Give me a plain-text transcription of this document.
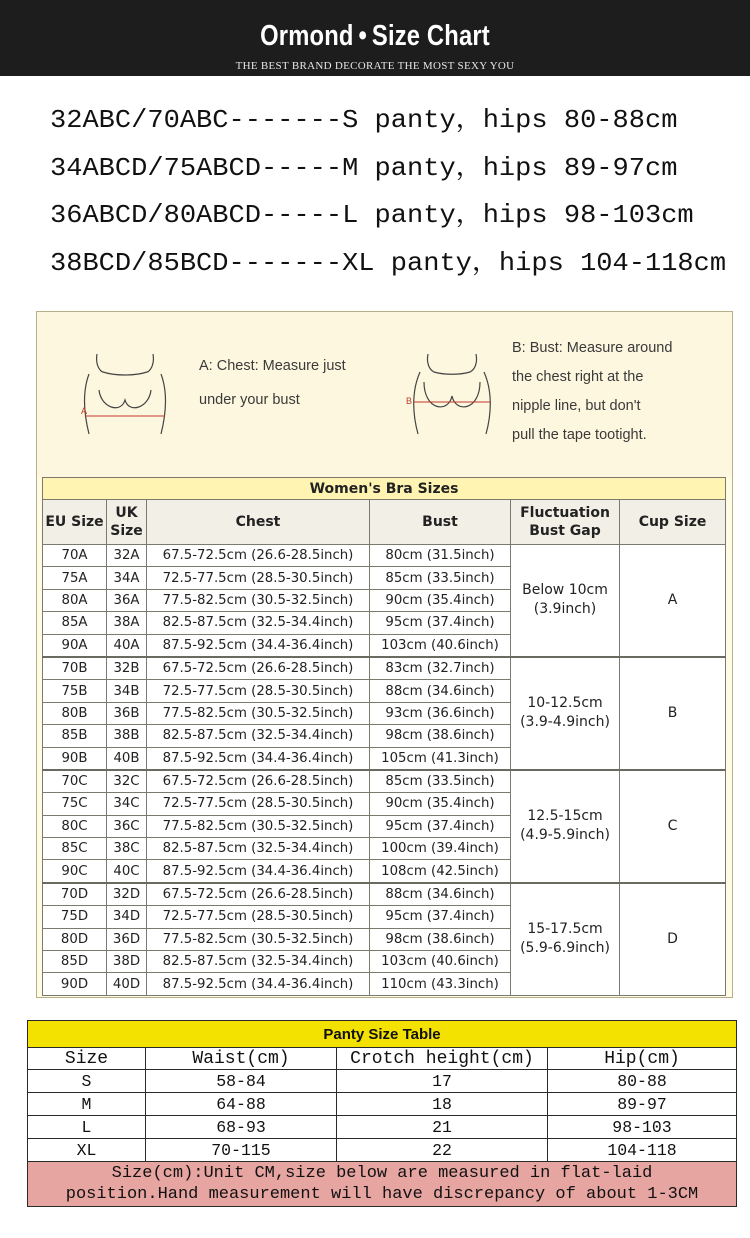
Ormond • Size Chart
THE BEST BRAND DECORATE THE MOST SEXY YOU
32ABC/70ABC-------S panty，hips 80-88cm
34ABCD/75ABCD-----M panty，hips 89-97cm
36ABCD/80ABCD-----L panty，hips 98-103cm
38BCD/85BCD-------XL panty，hips 104-118cm
A
A: Chest: Measure just
under your bust	B
B: Bust: Measure around
the chest right at the
nipple line, but don't
pull the tape tootight.
Women's Bra Sizes					
EU Size	UK Size	Chest	Bust	Fluctuation Bust Gap	Cup Size
70A	32A	67.5-72.5cm (26.6-28.5inch)	80cm (31.5inch)	Below 10cm (3.9inch)	A
75A	34A	72.5-77.5cm (28.5-30.5inch)	85cm (33.5inch)		
80A	36A	77.5-82.5cm (30.5-32.5inch)	90cm (35.4inch)		
85A	38A	82.5-87.5cm (32.5-34.4inch)	95cm (37.4inch)		
90A	40A	87.5-92.5cm (34.4-36.4inch)	103cm (40.6inch)		
70B	32B	67.5-72.5cm (26.6-28.5inch)	83cm (32.7inch)	10-12.5cm (3.9-4.9inch)	B
75B	34B	72.5-77.5cm (28.5-30.5inch)	88cm (34.6inch)		
80B	36B	77.5-82.5cm (30.5-32.5inch)	93cm (36.6inch)		
85B	38B	82.5-87.5cm (32.5-34.4inch)	98cm (38.6inch)		
90B	40B	87.5-92.5cm (34.4-36.4inch)	105cm (41.3inch)		
70C	32C	67.5-72.5cm (26.6-28.5inch)	85cm (33.5inch)	12.5-15cm (4.9-5.9inch)	C
75C	34C	72.5-77.5cm (28.5-30.5inch)	90cm (35.4inch)		
80C	36C	77.5-82.5cm (30.5-32.5inch)	95cm (37.4inch)		
85C	38C	82.5-87.5cm (32.5-34.4inch)	100cm (39.4inch)		
90C	40C	87.5-92.5cm (34.4-36.4inch)	108cm (42.5inch)		
70D	32D	67.5-72.5cm (26.6-28.5inch)	88cm (34.6inch)	15-17.5cm (5.9-6.9inch)	D
75D	34D	72.5-77.5cm (28.5-30.5inch)	95cm (37.4inch)		
80D	36D	77.5-82.5cm (30.5-32.5inch)	98cm (38.6inch)		
85D	38D	82.5-87.5cm (32.5-34.4inch)	103cm (40.6inch)		
90D	40D	87.5-92.5cm (34.4-36.4inch)	110cm (43.3inch)		
Panty Size Table			
Size	Waist(cm)	Crotch height(cm)	Hip(cm)
S	58-84	17	80-88
M	64-88	18	89-97
L	68-93	21	98-103
XL	70-115	22	104-118

Size(cm):Unit CM,size below are measured in flat-laid
position.Hand measurement will have discrepancy of about 1-3CM			
